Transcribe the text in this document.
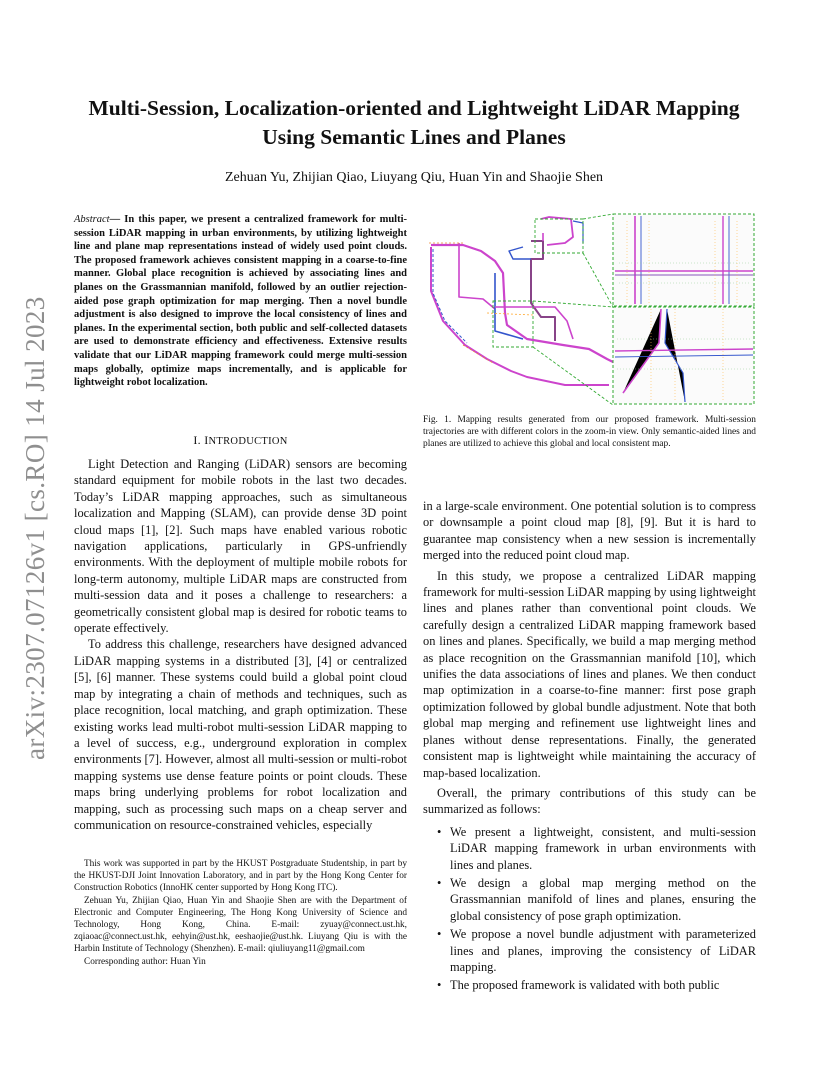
Multi-Session, Localization-oriented and Lightweight LiDAR Mapping
Using Semantic Lines and Planes
Zehuan Yu, Zhijian Qiao, Liuyang Qiu, Huan Yin and Shaojie Shen
arXiv:2307.07126v1 [cs.RO] 14 Jul 2023
Abstract— In this paper, we present a centralized framework for multi-session LiDAR mapping in urban environments, by utilizing lightweight line and plane map representations instead of widely used point clouds. The proposed framework achieves consistent mapping in a coarse-to-fine manner. Global place recognition is achieved by associating lines and planes on the Grassmannian manifold, followed by an outlier rejection-aided pose graph optimization for map merging. Then a novel bundle adjustment is also designed to improve the local consistency of lines and planes. In the experimental section, both public and self-collected datasets are used to demonstrate efficiency and effectiveness. Extensive results validate that our LiDAR mapping framework could merge multi-session maps globally, optimize maps incrementally, and is applicable for lightweight robot localization.
I. INTRODUCTION

Light Detection and Ranging (LiDAR) sensors are becoming standard equipment for mobile robots in the last two decades. Today’s LiDAR mapping approaches, such as simultaneous localization and Mapping (SLAM), can provide dense 3D point cloud maps [1], [2]. Such maps have enabled various robotic navigation applications, particularly in GPS-unfriendly environments. With the deployment of multiple mobile robots for long-term autonomy, multiple LiDAR maps are constructed from multi-session data and it poses a challenge to researchers: a geometrically consistent global map is desired for robotic teams to operate effectively.

To address this challenge, researchers have designed advanced LiDAR mapping systems in a distributed [3], [4] or centralized [5], [6] manner. These systems could build a global point cloud map by integrating a chain of methods and techniques, such as place recognition, local matching, and graph optimization. These existing works lead multi-robot multi-session LiDAR mapping to a level of success, e.g., underground exploration in complex environments [7]. However, almost all multi-session or multi-robot mapping systems use dense feature points or point clouds. These maps bring underlying problems for robot localization and mapping, such as processing such maps on a cheap server and communication on resource-constrained vehicles, especially

This work was supported in part by the HKUST Postgraduate Studentship, in part by the HKUST-DJI Joint Innovation Laboratory, and in part by the Hong Kong Center for Construction Robotics (InnoHK center supported by Hong Kong ITC).

Zehuan Yu, Zhijian Qiao, Huan Yin and Shaojie Shen are with the Department of Electronic and Computer Engineering, The Hong Kong University of Science and Technology, Hong Kong, China. E-mail: zyuay@connect.ust.hk, zqiaoac@connect.ust.hk, eehyin@ust.hk, eeshaojie@ust.hk. Liuyang Qiu is with the Harbin Institute of Technology (Shenzhen). E-mail: qiuliuyang11@gmail.com

Corresponding author: Huan Yin

Fig. 1. Mapping results generated from our proposed framework. Multi-session trajectories are with different colors in the zoom-in view. Only semantic-aided lines and planes are utilized to achieve this global and local consistent map.

in a large-scale environment. One potential solution is to compress or downsample a point cloud map [8], [9]. But it is hard to guarantee map consistency when a new session is incrementally merged into the reduced point cloud map.

In this study, we propose a centralized LiDAR mapping framework for multi-session LiDAR mapping by using lightweight lines and planes rather than conventional point clouds. We carefully design a centralized LiDAR mapping framework based on lines and planes. Specifically, we build a map merging method as place recognition on the Grassmannian manifold [10], which unifies the data associations of lines and planes. We then conduct map optimization in a coarse-to-fine manner: first pose graph optimization followed by global bundle adjustment. Note that both global map merging and refinement use lightweight lines and planes without dense representations. Finally, the generated consistent map is lightweight while maintaining the accuracy of map-based localization.

Overall, the primary contributions of this study can be summarized as follows:

• We present a lightweight, consistent, and multi-session LiDAR mapping framework in urban environments with lines and planes.
• We design a global map merging method on the Grassmannian manifold of lines and planes, ensuring the global consistency of pose graph optimization.
• We propose a novel bundle adjustment with parameterized lines and planes, improving the consistency of LiDAR mapping.
• The proposed framework is validated with both public
